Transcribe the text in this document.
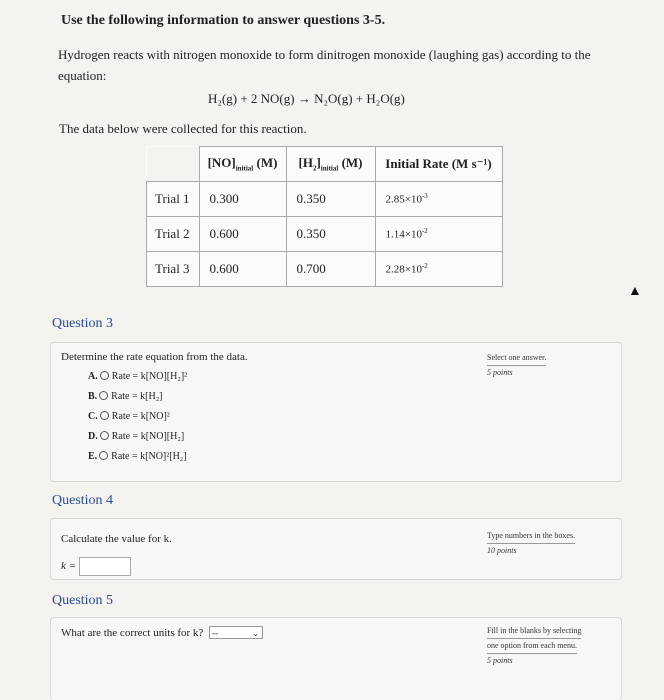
Use the following information to answer questions 3-5.
Hydrogen reacts with nitrogen monoxide to form dinitrogen monoxide (laughing gas) according to the equation:
H₂(g) + 2 NO(g) → N₂O(g) + H₂O(g)
The data below were collected for this reaction.
	$[NO]_{initial}$ (M)	$[H_2]_{initial}$ (M)	Initial Rate (M s⁻¹)
Trial 1	0.300	0.350	$2.85\times 10^{-3}$
Trial 2	0.600	0.350	$1.14\times 10^{-2}$
Trial 3	0.600	0.700	$2.28\times 10^{-2}$
▲
Question 3
Determine the rate equation from the data.	Select one answer.
5 points
A. Rate = k[NO][H₂]²
B. Rate = k[H₂]
C. Rate = k[NO]²
D. Rate = k[NO][H₂]
E. Rate = k[NO]²[H₂]
Question 4
Calculate the value for k.
k =
Type numbers in the boxes.
10 points
Question 5
What are the correct units for k? --	⌄	Fill in the blanks by selecting
one option from each menu.
5 points
